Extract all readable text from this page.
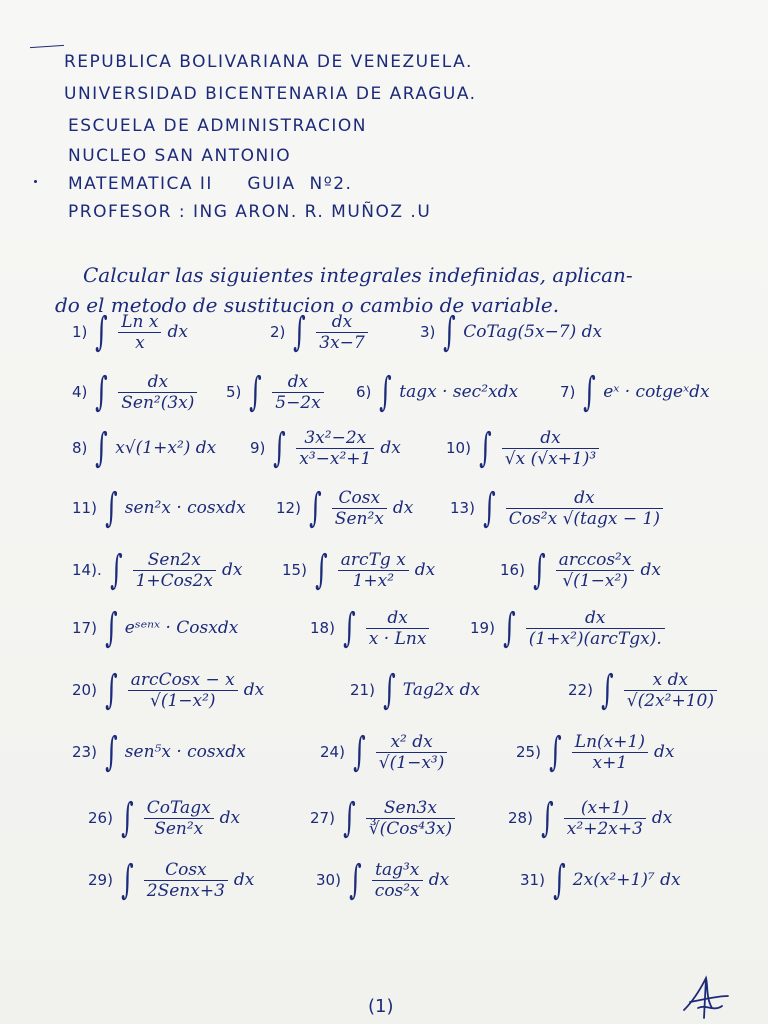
REPUBLICA BOLIVARIANA DE VENEZUELA.
UNIVERSIDAD BICENTENARIA DE ARAGUA.
ESCUELA DE ADMINISTRACION
NUCLEO SAN ANTONIO
MATEMATICA II     GUIA  Nº2.
PROFESOR : ING ARON. R. MUÑOZ .U
Calcular las siguientes integrales indefinidas, aplican-
do el metodo de sustitucion o cambio de variable.
1) ∫ $\frac{\text{Ln x}}{x}$ dx	2) ∫ $\frac{dx}{3x-7}$	3) ∫ CoTag(5x−7) dx
4) ∫ $\frac{dx}{\text{Sen²(3x)}} 5$) ∫ $\frac{dx}{5-2x} 6$) ∫ tagx · sec²xdx	7) ∫ eˣ · cotgeˣdx
8) ∫ x√(1+x²) dx 9) ∫ $\frac{\text{3x²−2x}}{\text{x³−x²+1}}$ dx	10) ∫ $\frac{dx}{\text{√x (√x+1)³}}$
11) ∫ sen²x · cosxdx 12) ∫ $\frac{\text{Cosx}}{\text{Sen²x}}$ dx 13) ∫ $\frac{dx}{\text{Cos²x √(tagx − 1)}}$
14). ∫ $\frac{\text{Sen2x}}{\text{1+Cos2x}}$ dx	15) ∫ $\frac{\text{arcTg x}}{\text{1+x²}}$ dx	16) ∫ $\frac{\text{arccos²x}}{\text{√(1−x²)}}$ dx
17) ∫ eˢᵉⁿˣ · Cosxdx	18) ∫ $\frac{dx}{\text{x · Lnx}}$	19) ∫ $\frac{dx}{\text{(1+x²)(arcTgx).}}$
20) ∫ $\frac{\text{arcCosx − x}}{\text{√(1−x²)}}$ dx	21) ∫ Tag2x dx	22) ∫ $\frac{\text{x dx}}{\text{√(2x²+10)}}$
23) ∫ sen⁵x · cosxdx	24) ∫ $\frac{\text{x² dx}}{\text{√(1−x³)}}$	25) ∫ $\frac{Ln(x+1)}{x+1}$ dx
26) ∫ $\frac{\text{CoTagx}}{\text{Sen²x}}$ dx	27) ∫ $\frac{\text{Sen3x}}{\text{∛(Cos⁴3x)}}$	28) ∫ $\frac{(x+1)}{\text{x²+2x+3}}$ dx
29) ∫ $\frac{\text{Cosx}}{\text{2Senx+3}}$ dx	30) ∫ $\frac{\text{tag³x}}{\text{cos²x}}$ dx	31) ∫ 2x(x²+1)⁷ dx
(1)
